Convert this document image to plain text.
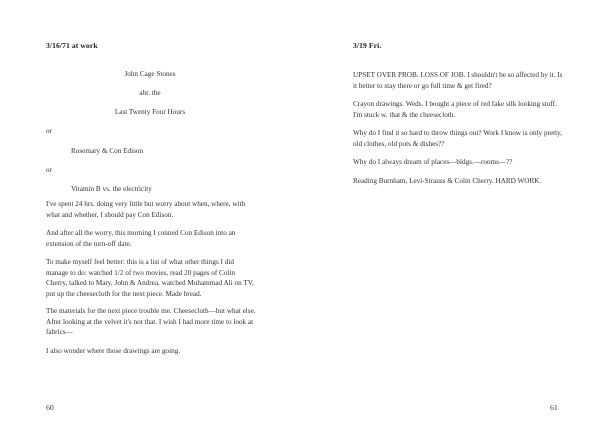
3/16/71 at work
John Cage Stones
abt. the
Last Twenty Four Hours
or
Rosemary & Con Edison
or
Vitamin B vs. the electricity
I've spent 24 hrs. doing very little but worry about when, where, with what and whether, I should pay Con Edison.
And after all the worry, this morning I conned Con Edison into an extension of the turn-off date.
To make myself feel better: this is a list of what other things I did manage to do: watched 1/2 of two movies, read 20 pages of Colin Cherry, talked to Mary, John & Andrea, watched Muhammad Ali on TV, put up the cheesecloth for the next piece. Made bread.
The materials for the next piece trouble me. Cheesecloth—but what else. After looking at the velvet it's not that. I wish I had more time to look at fabrics—
I also wonder where those drawings are going.
60
3/19 Fri.
UPSET OVER PROB. LOSS OF JOB. I shouldn't be so affected by it. Is it better to stay there or go full time & get fired?
Crayon drawings. Weds. I bought a piece of red fake silk looking stuff. I'm stuck w. that & the cheesecloth.
Why do I find it so hard to throw things out? Work I know is only pretty, old clothes, old pots & dishes??
Why do I always dream of places—bldgs.—rooms—??
Reading Burnham, Levi-Strauss & Colin Cherry. HARD WORK.
61
